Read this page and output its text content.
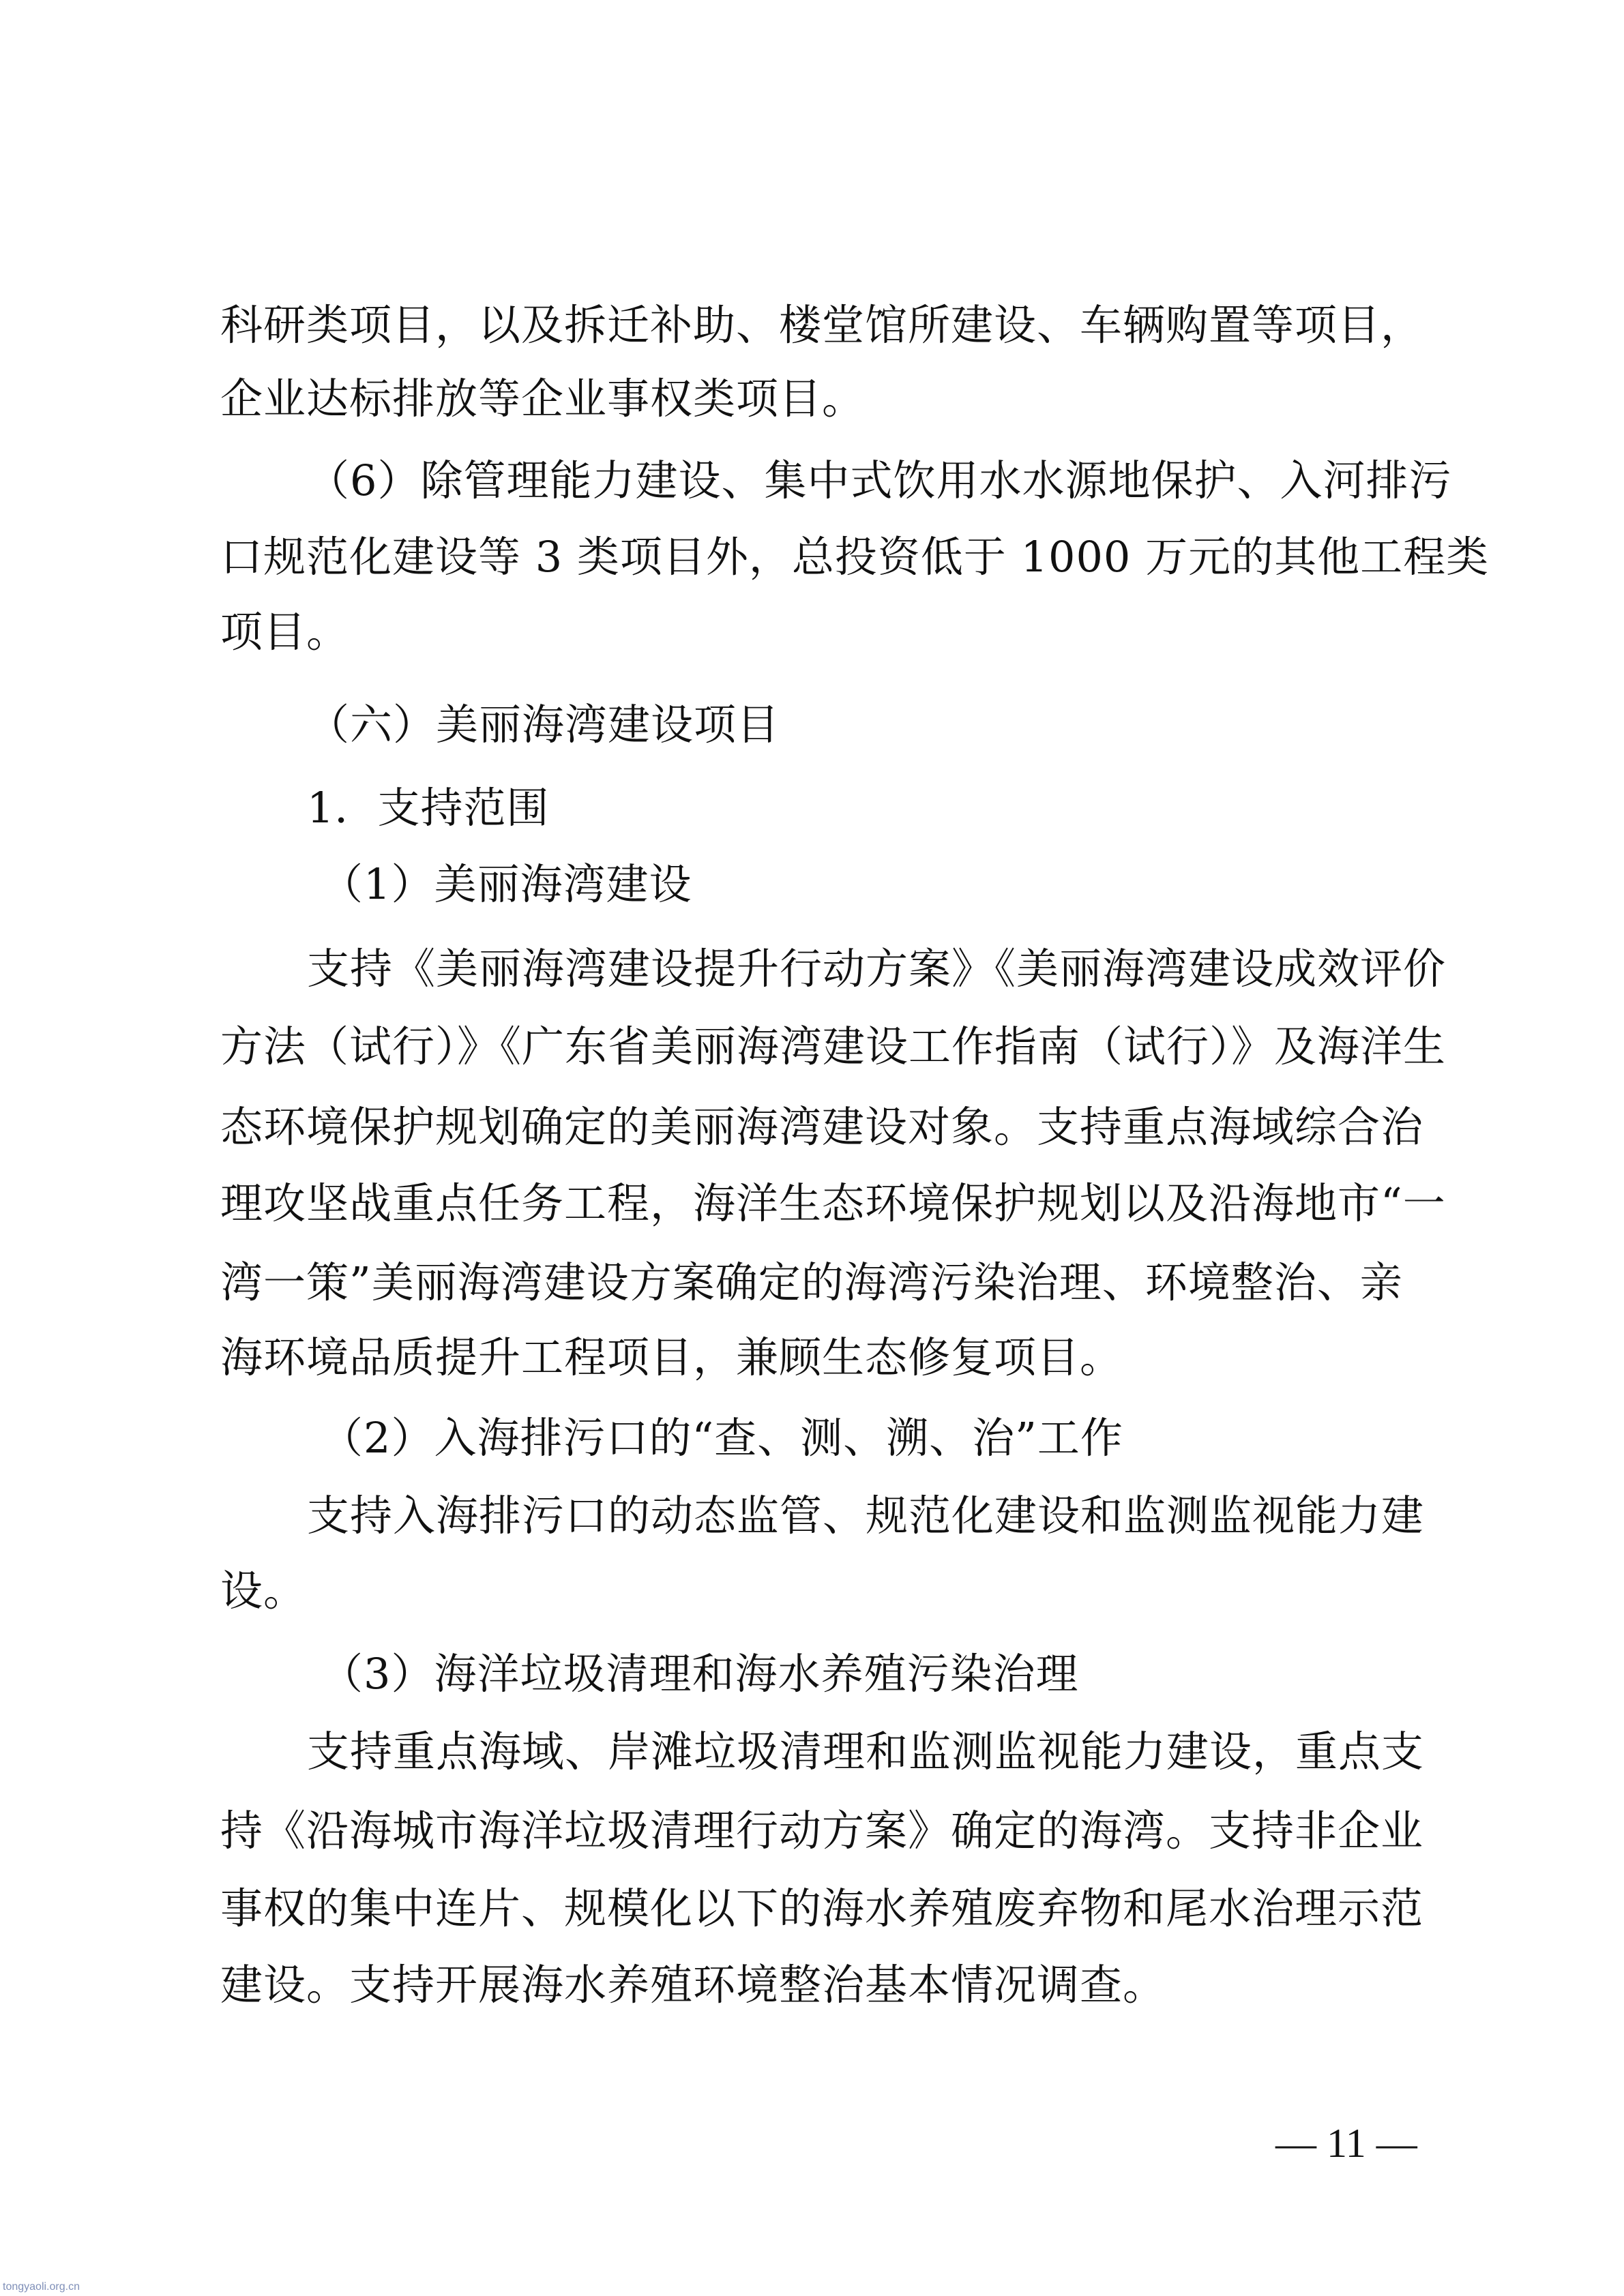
科研类项目，以及拆迁补助、楼堂馆所建设、车辆购置等项目，
企业达标排放等企业事权类项目。
（6）除管理能力建设、集中式饮用水水源地保护、入河排污
口规范化建设等 3 类项目外，总投资低于 1000 万元的其他工程类
项目。
（六）美丽海湾建设项目
1．支持范围
（1）美丽海湾建设
支持《美丽海湾建设提升行动方案》《美丽海湾建设成效评价
方法（试行）》《广东省美丽海湾建设工作指南（试行）》及海洋生
态环境保护规划确定的美丽海湾建设对象。支持重点海域综合治
理攻坚战重点任务工程，海洋生态环境保护规划以及沿海地市“一
湾一策”美丽海湾建设方案确定的海湾污染治理、环境整治、亲
海环境品质提升工程项目，兼顾生态修复项目。
（2）入海排污口的“查、测、溯、治”工作
支持入海排污口的动态监管、规范化建设和监测监视能力建
设。
（3）海洋垃圾清理和海水养殖污染治理
支持重点海域、岸滩垃圾清理和监测监视能力建设，重点支
持《沿海城市海洋垃圾清理行动方案》确定的海湾。支持非企业
事权的集中连片、规模化以下的海水养殖废弃物和尾水治理示范
建设。支持开展海水养殖环境整治基本情况调查。
— 11 —
tongyaoli.org.cn
